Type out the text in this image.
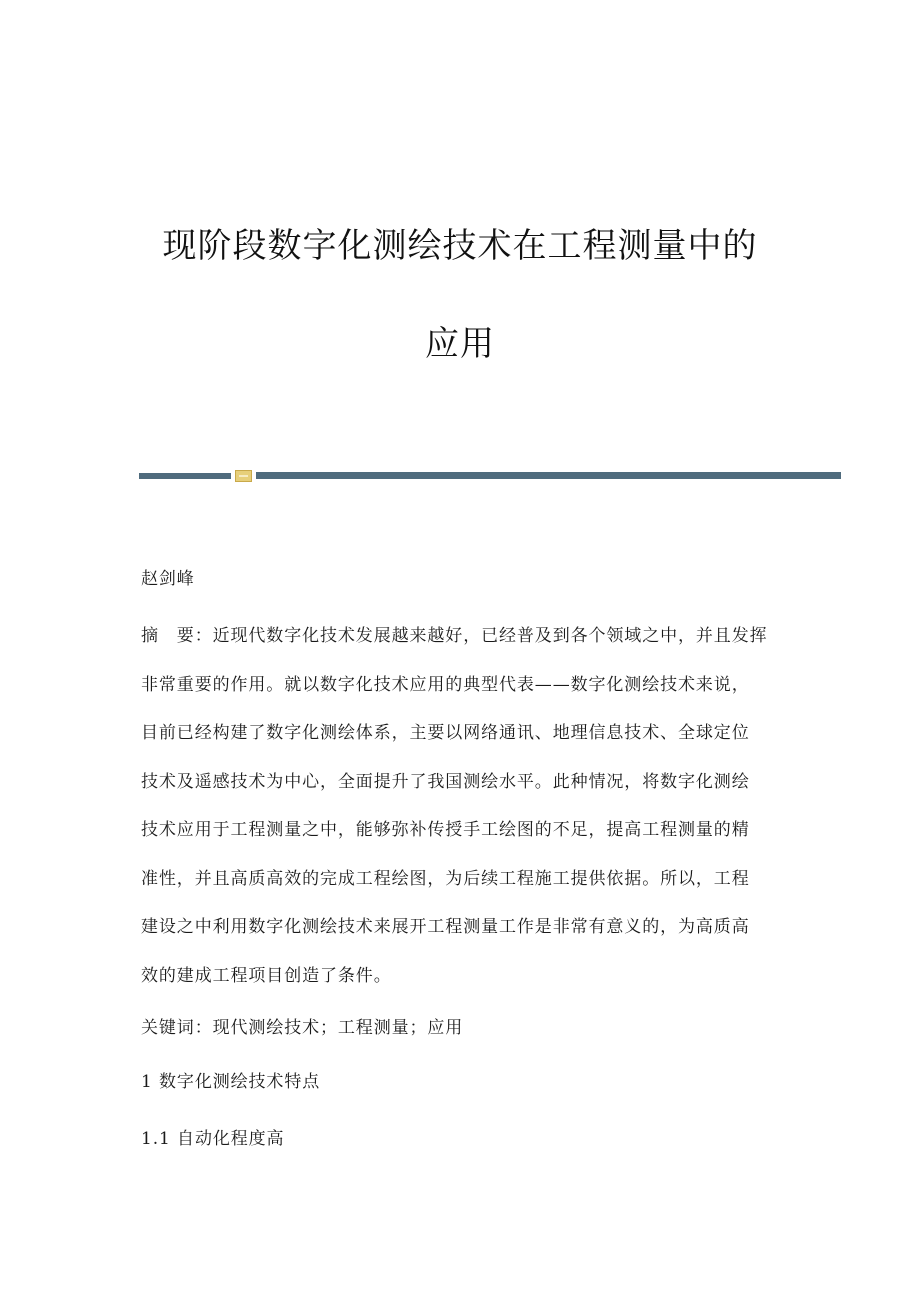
现阶段数字化测绘技术在工程测量中的
应用
赵剑峰
摘　要：近现代数字化技术发展越来越好，已经普及到各个领域之中，并且发挥
非常重要的作用。就以数字化技术应用的典型代表——数字化测绘技术来说，
目前已经构建了数字化测绘体系，主要以网络通讯、地理信息技术、全球定位
技术及遥感技术为中心，全面提升了我国测绘水平。此种情况，将数字化测绘
技术应用于工程测量之中，能够弥补传授手工绘图的不足，提高工程测量的精
准性，并且高质高效的完成工程绘图，为后续工程施工提供依据。所以，工程
建设之中利用数字化测绘技术来展开工程测量工作是非常有意义的，为高质高
效的建成工程项目创造了条件。
关键词：现代测绘技术；工程测量；应用
1 数字化测绘技术特点
1.1 自动化程度高
